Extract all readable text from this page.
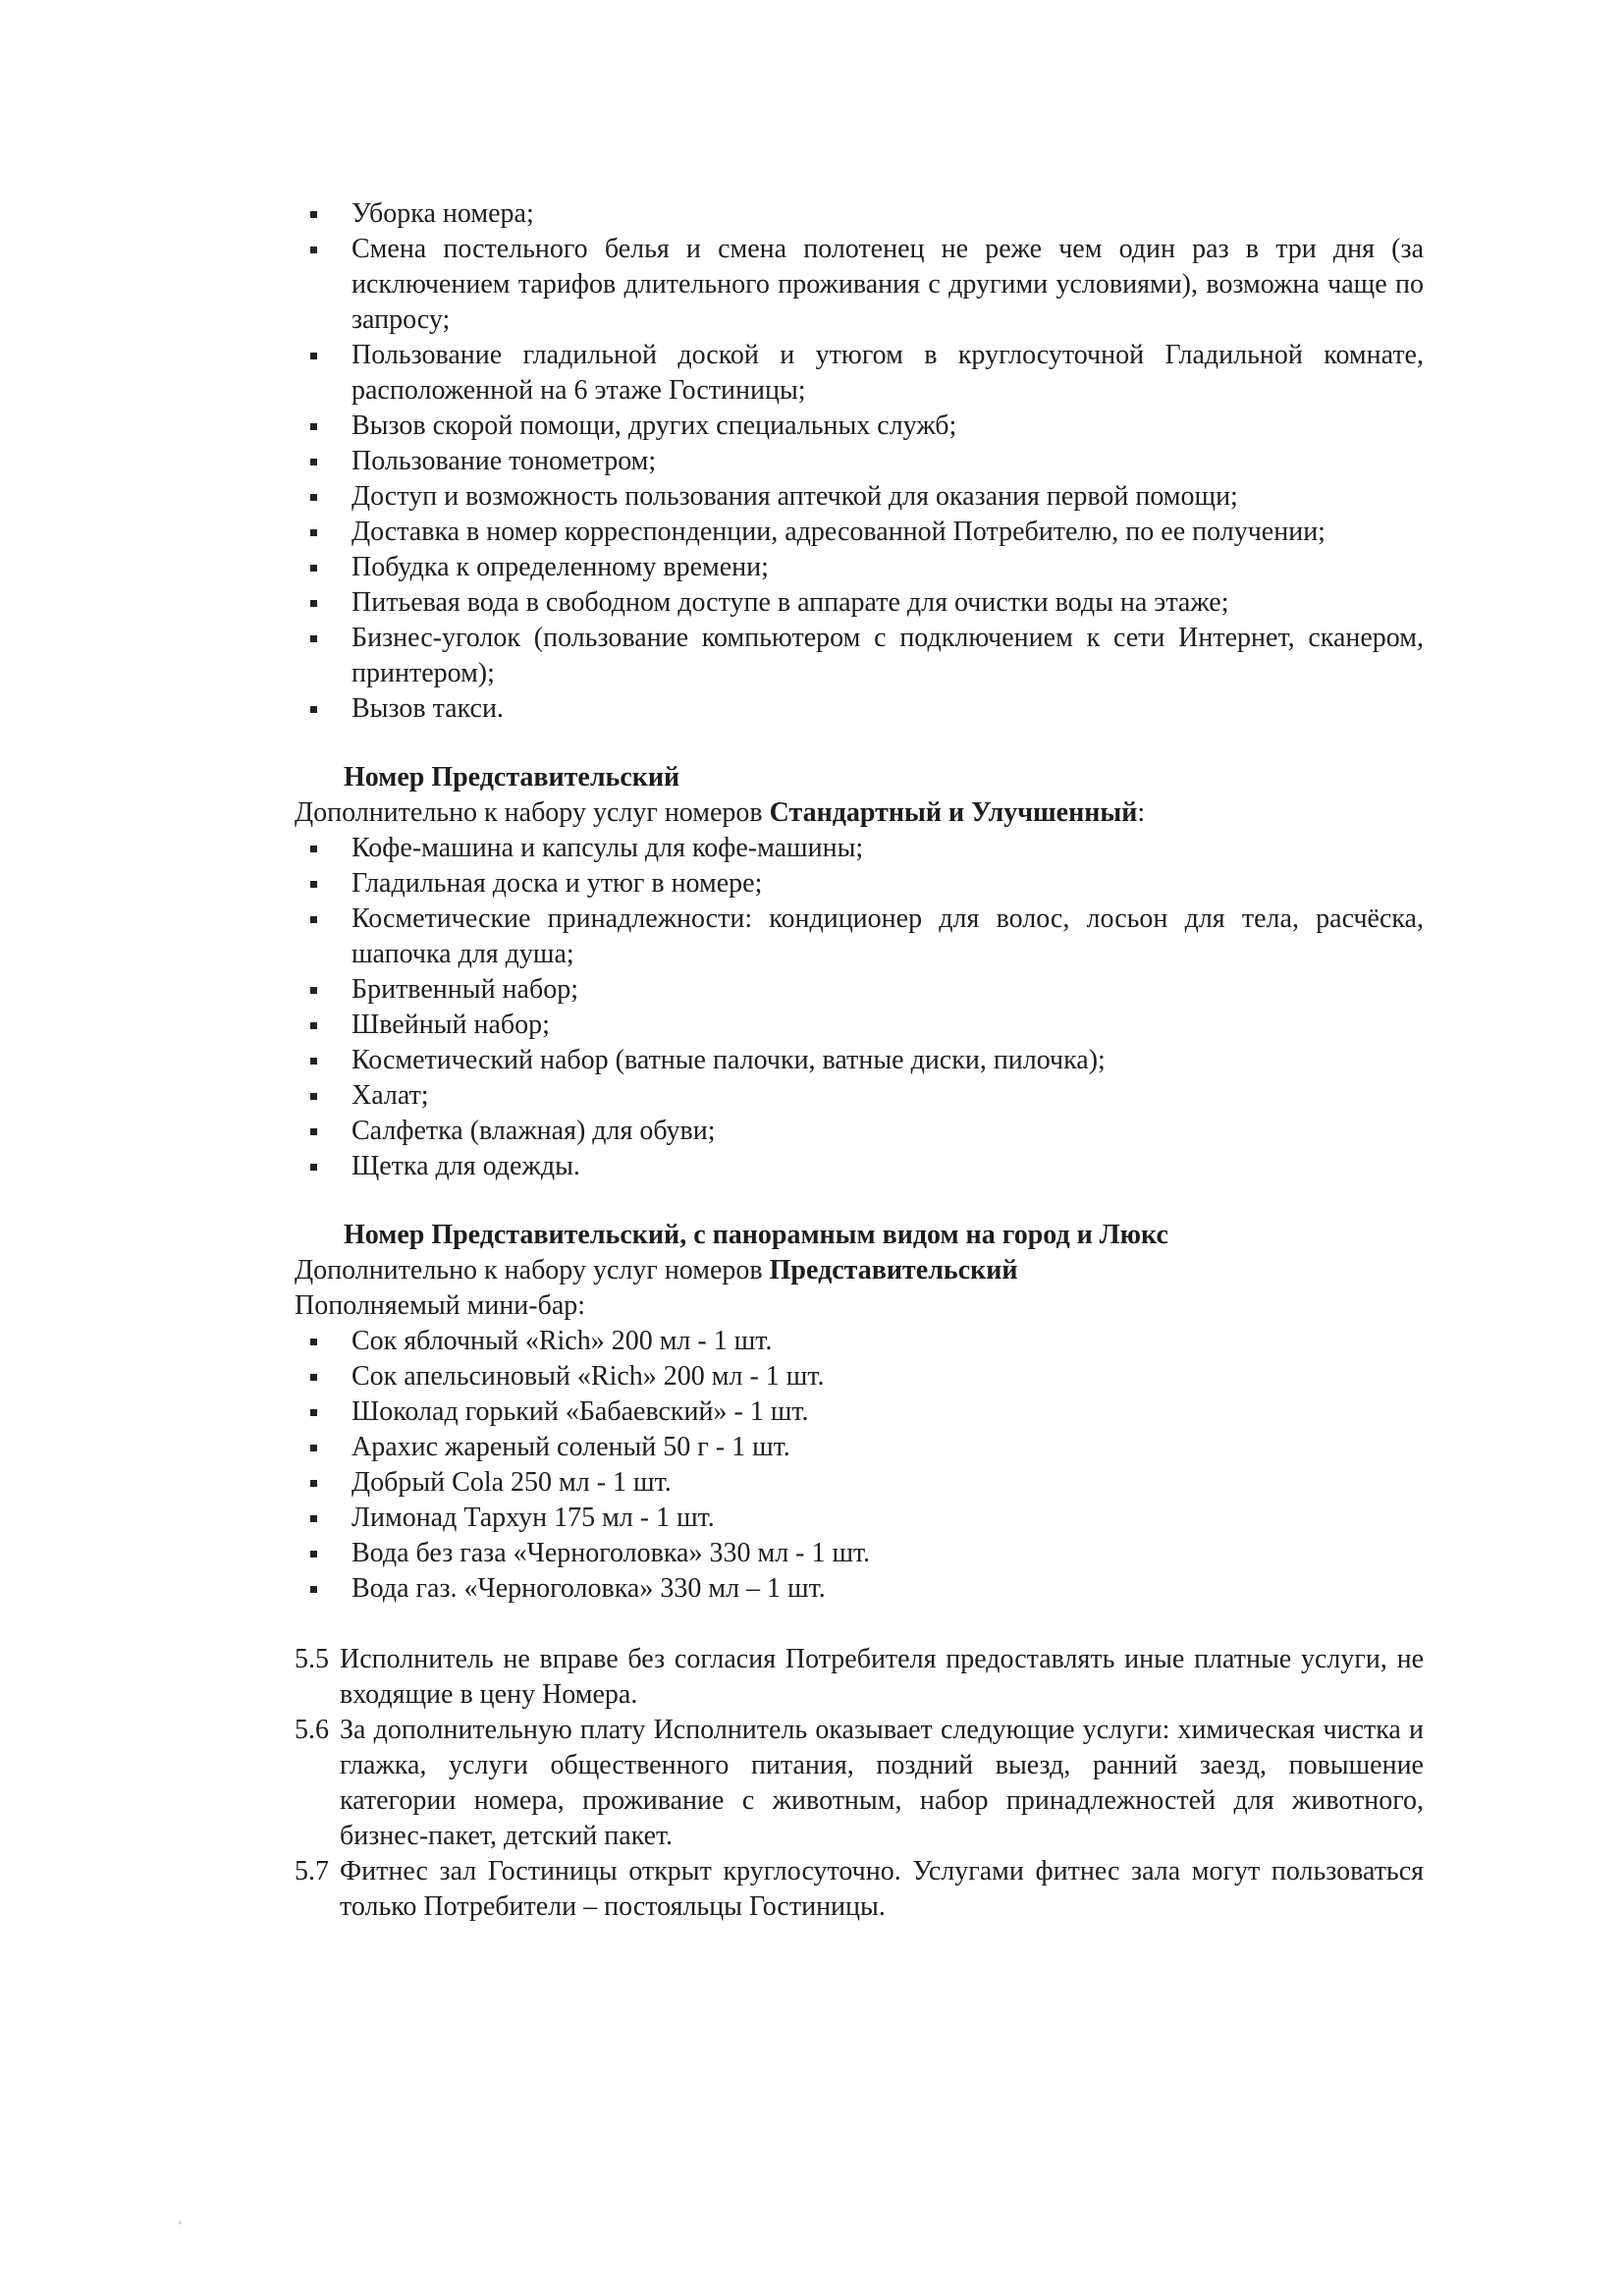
Уборка номера;
Смена постельного белья и смена полотенец не реже чем один раз в три дня (за исключением тарифов длительного проживания с другими условиями), возможна чаще по запросу;
Пользование гладильной доской и утюгом в круглосуточной Гладильной комнате, расположенной на 6 этаже Гостиницы;
Вызов скорой помощи, других специальных служб;
Пользование тонометром;
Доступ и возможность пользования аптечкой для оказания первой помощи;
Доставка в номер корреспонденции, адресованной Потребителю, по ее получении;
Побудка к определенному времени;
Питьевая вода в свободном доступе в аппарате для очистки воды на этаже;
Бизнес-уголок (пользование компьютером с подключением к сети Интернет, сканером, принтером);
Вызов такси.
Номер Представительский
Дополнительно к набору услуг номеров Стандартный и Улучшенный:
Кофе-машина и капсулы для кофе-машины;
Гладильная доска и утюг в номере;
Косметические принадлежности: кондиционер для волос, лосьон для тела, расчёска, шапочка для душа;
Бритвенный набор;
Швейный набор;
Косметический набор (ватные палочки, ватные диски, пилочка);
Халат;
Салфетка (влажная) для обуви;
Щетка для одежды.
Номер Представительский, с панорамным видом на город и Люкс
Дополнительно к набору услуг номеров Представительский
Пополняемый мини-бар:
Сок яблочный «Rich» 200 мл - 1 шт.
Сок апельсиновый «Rich» 200 мл - 1 шт.
Шоколад горький «Бабаевский» - 1 шт.
Арахис жареный соленый 50 г - 1 шт.
Добрый Cola 250 мл - 1 шт.
Лимонад Тархун 175 мл - 1 шт.
Вода без газа «Черноголовка» 330 мл - 1 шт.
Вода газ. «Черноголовка» 330 мл – 1 шт.
5.5 Исполнитель не вправе без согласия Потребителя предоставлять иные платные услуги, не входящие в цену Номера.
5.6 За дополнительную плату Исполнитель оказывает следующие услуги: химическая чистка и глажка, услуги общественного питания, поздний выезд, ранний заезд, повышение категории номера, проживание с животным, набор принадлежностей для животного, бизнес-пакет, детский пакет.
5.7 Фитнес зал Гостиницы открыт круглосуточно. Услугами фитнес зала могут пользоваться только Потребители – постояльцы Гостиницы.
